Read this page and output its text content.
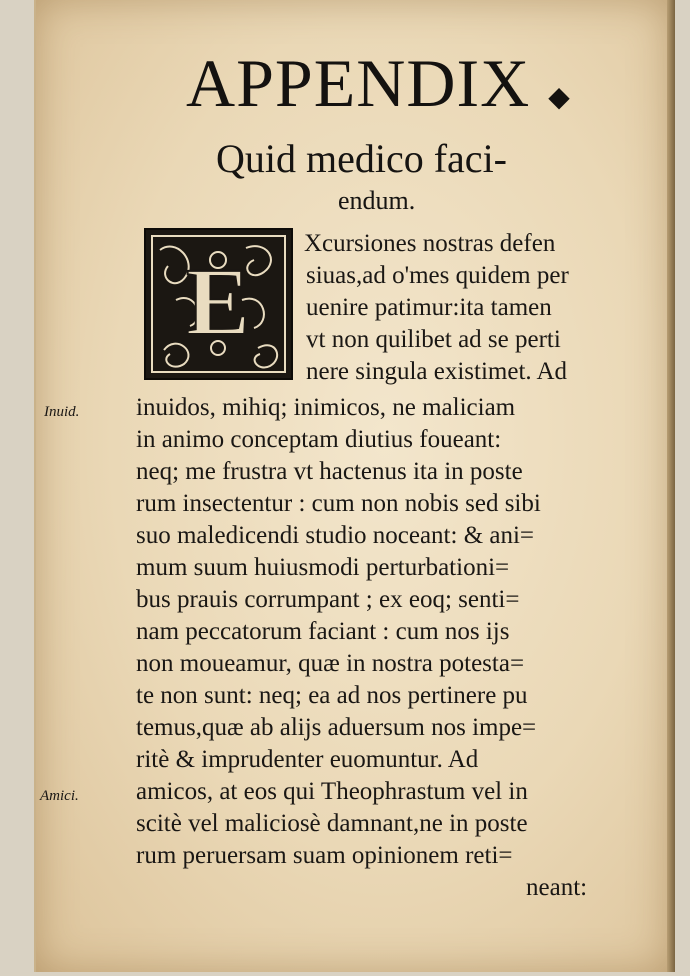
APPENDIX ◆
Quid medico faci-
endum.
E
Xcursiones nostras defen
siuas,ad o'mes quidem per
uenire patimur:ita tamen
vt non quilibet ad se perti
nere singula existimet. Ad
inuidos, mihiq; inimicos, ne maliciam
in animo conceptam diutius foueant:
neq; me frustra vt hactenus ita in poste
rum insectentur : cum non nobis sed sibi
suo maledicendi studio noceant: & ani=
mum suum huiusmodi perturbationi=
bus prauis corrumpant ; ex eoq; senti=
nam peccatorum faciant : cum nos ijs
non moueamur, quæ in nostra potesta=
te non sunt: neq; ea ad nos pertinere pu
temus,quæ ab alijs aduersum nos impe=
ritè & imprudenter euomuntur. Ad
amicos, at eos qui Theophrastum vel in
scitè vel maliciosè damnant,ne in poste
rum peruersam suam opinionem reti=
neant:
Inuid.
Amici.
